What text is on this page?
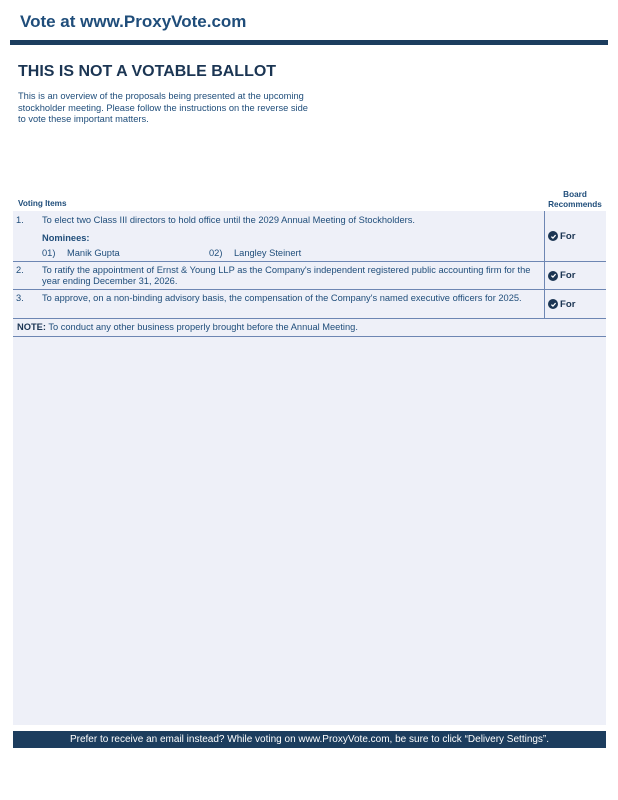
Vote at www.ProxyVote.com
THIS IS NOT A VOTABLE BALLOT
This is an overview of the proposals being presented at the upcoming stockholder meeting. Please follow the instructions on the reverse side to vote these important matters.
Voting Items
Board
Recommends
1. To elect two Class III directors to hold office until the 2029 Annual Meeting of Stockholders.
Nominees:
01) Manik Gupta	02) Langley Steinert
For
2. To ratify the appointment of Ernst & Young LLP as the Company's independent registered public accounting firm for the year ending December 31, 2026.	For
3. To approve, on a non-binding advisory basis, the compensation of the Company's named executive officers for 2025.
For
NOTE: To conduct any other business properly brought before the Annual Meeting.
Prefer to receive an email instead? While voting on www.ProxyVote.com, be sure to click “Delivery Settings”.
